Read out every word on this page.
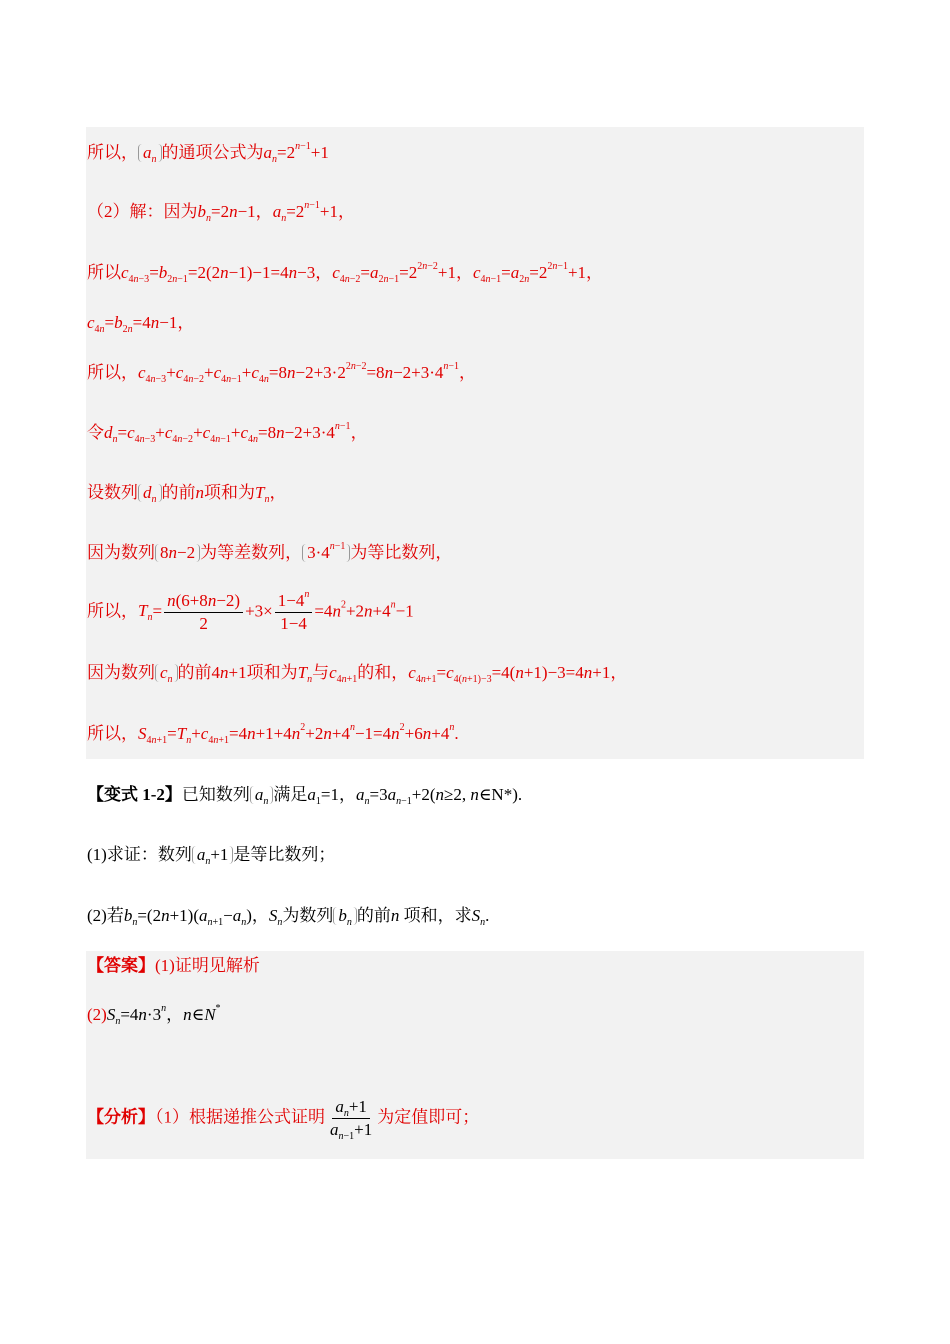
所以， $a_n$ 的通项公式为$a_n=2^{n-1}+1$
（2）解：因为$b_n=2n-1$，$a_n=2^{n-1}+1$，
所以$c_{4n-3}=b_{2n-1}=2(2n-1)-1=4n-3$，$c_{4n-2}=a_{2n-1}=2^{2n-2}+1$，$c_{4n-1}=a_{2n}=2^{2n-1}+1$，
$c_{4n}=b_{2n}=4n-1$，
所以，$c_{4n-3}+c_{4n-2}+c_{4n-1}+c_{4n}=8n-2+3\cdot 2^{2n-2}=8n-2+3\cdot 4^{n-1}$，
令$d_n=c_{4n-3}+c_{4n-2}+c_{4n-1}+c_{4n}=8n-2+3\cdot 4^{n-1}$，
设数列 $d_n$ 的前n项和为$T_n$，
因为数列 8n−2 为等差数列， $3\cdot 4^{n-1}$ 为等比数列，
所以，$T_n= \frac{n(6+8n-2)}{2} +3\times \frac{1-4^n}{1-4} =4n^2+2n+4^n-1$
因为数列 $c_n$ 的前4n+1项和为$T_n$与$c_{4n+1}$的和，$c_{4n+1}=c_{4(n+1)-3}=4(n+1)-3=4n+1$，
所以，$S_{4n+1}=T_n+c_{4n+1}=4n+1+4n^2+2n+4^n-1=4n^2+6n+4^n$.
【变式 1-2】已知数列 $a_n$ 满足$a_1=1$，$a_n=3a_{n-1}+2(n\ge 2$, n∈N*).
(1)求证：数列 $a_n+1$ 是等比数列；
(2)若$b_n=(2n+1)(a_{n+1}-a_n)$，$S_n$为数列 $b_n$ 的前n 项和，求$S_n$.
【答案】(1)证明见解析
$(2)S_n=4n\cdot 3^n$，n∈N*
【分析】（1）根据递推公式证明 $\frac{a_n+1}{a_{n-1}+1}$ 为定值即可；
